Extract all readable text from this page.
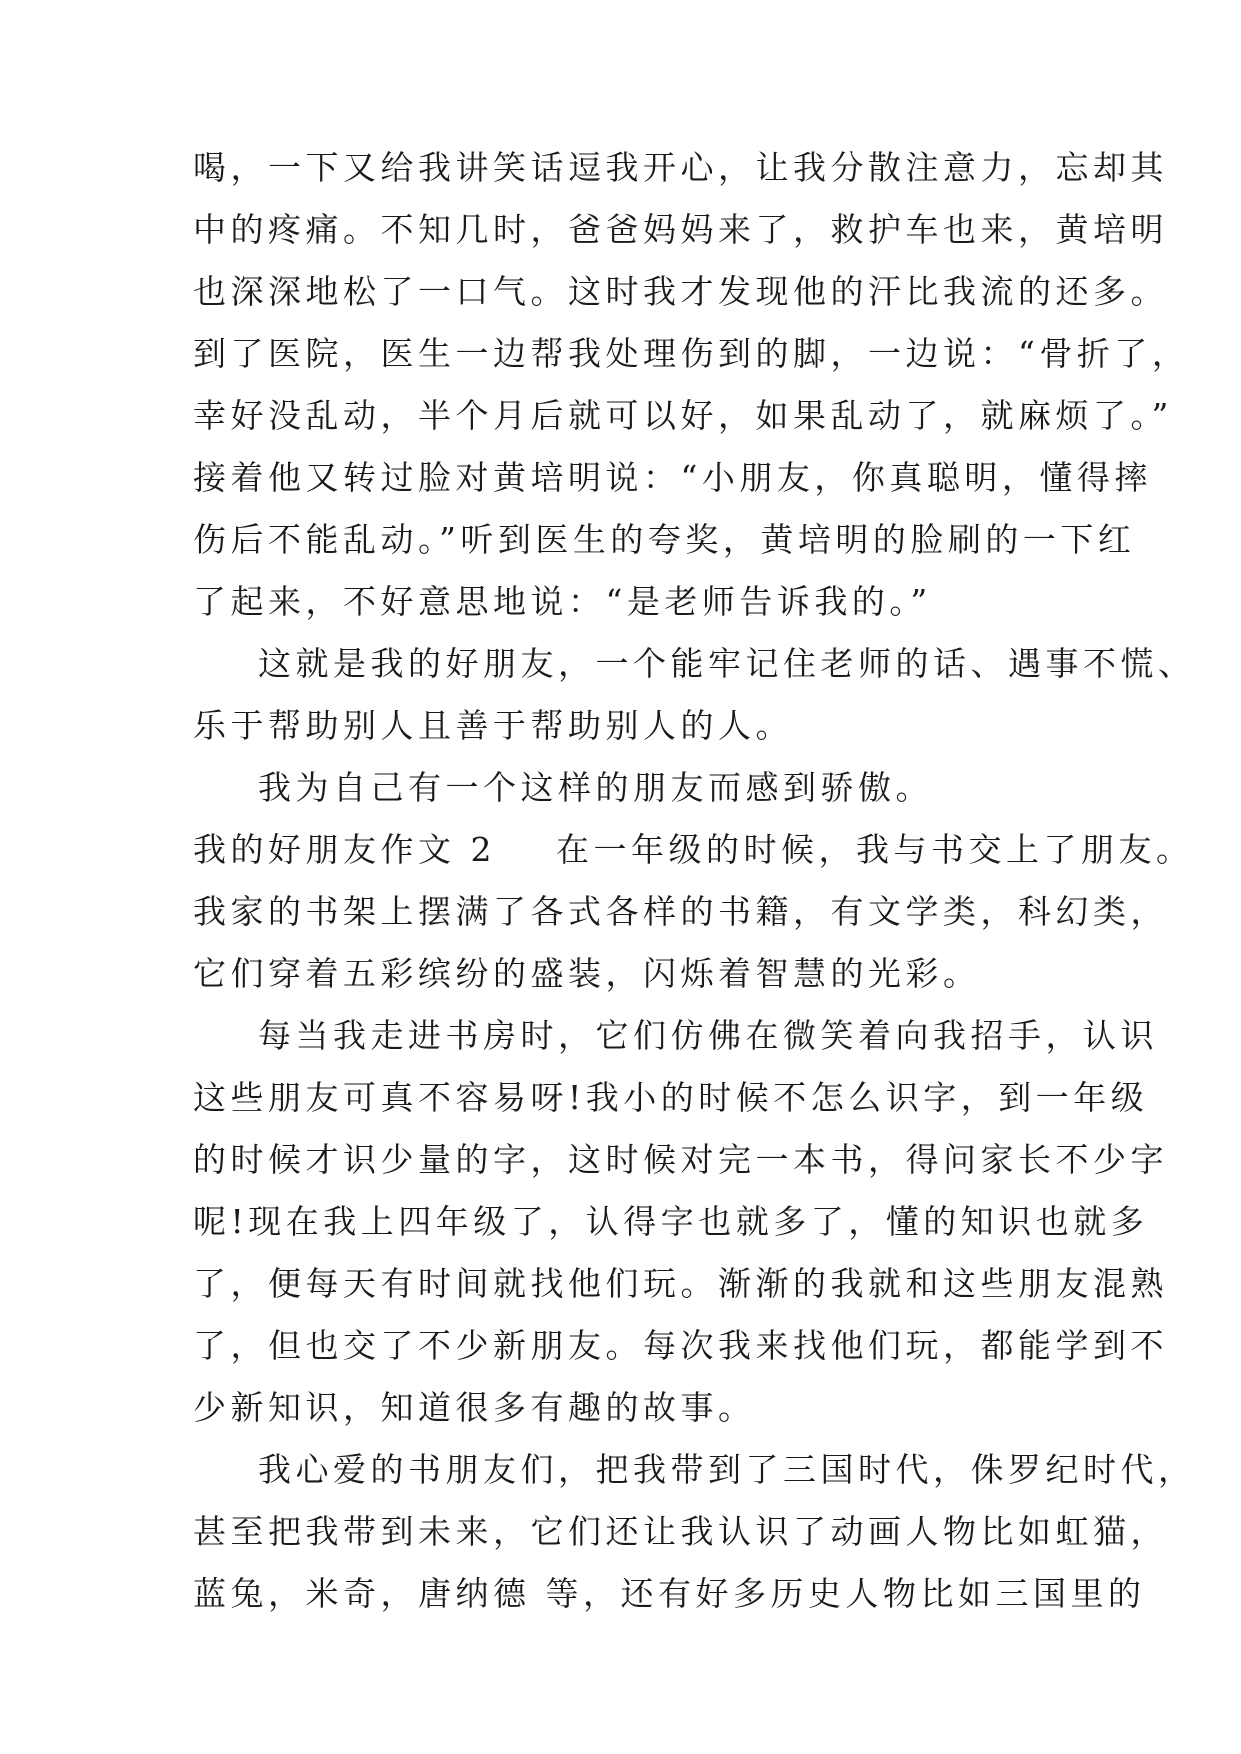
喝，一下又给我讲笑话逗我开心，让我分散注意力，忘却其
中的疼痛。不知几时，爸爸妈妈来了，救护车也来，黄培明
也深深地松了一口气。这时我才发现他的汗比我流的还多。
到了医院，医生一边帮我处理伤到的脚，一边说：“骨折了，
幸好没乱动，半个月后就可以好，如果乱动了，就麻烦了。”
接着他又转过脸对黄培明说：“小朋友，你真聪明，懂得摔
伤后不能乱动。”听到医生的夸奖，黄培明的脸刷的一下红
了起来，不好意思地说：“是老师告诉我的。”
这就是我的好朋友，一个能牢记住老师的话、遇事不慌、
乐于帮助别人且善于帮助别人的人。
我为自己有一个这样的朋友而感到骄傲。
我的好朋友作文 2 在一年级的时候，我与书交上了朋友。
我家的书架上摆满了各式各样的书籍，有文学类，科幻类，
它们穿着五彩缤纷的盛装，闪烁着智慧的光彩。
每当我走进书房时，它们仿佛在微笑着向我招手，认识
这些朋友可真不容易呀!我小的时候不怎么识字，到一年级
的时候才识少量的字，这时候对完一本书，得问家长不少字
呢!现在我上四年级了，认得字也就多了，懂的知识也就多
了，便每天有时间就找他们玩。渐渐的我就和这些朋友混熟
了，但也交了不少新朋友。每次我来找他们玩，都能学到不
少新知识，知道很多有趣的故事。
我心爱的书朋友们，把我带到了三国时代，侏罗纪时代，
甚至把我带到未来，它们还让我认识了动画人物比如虹猫，
蓝兔，米奇，唐纳德 等，还有好多历史人物比如三国里的
